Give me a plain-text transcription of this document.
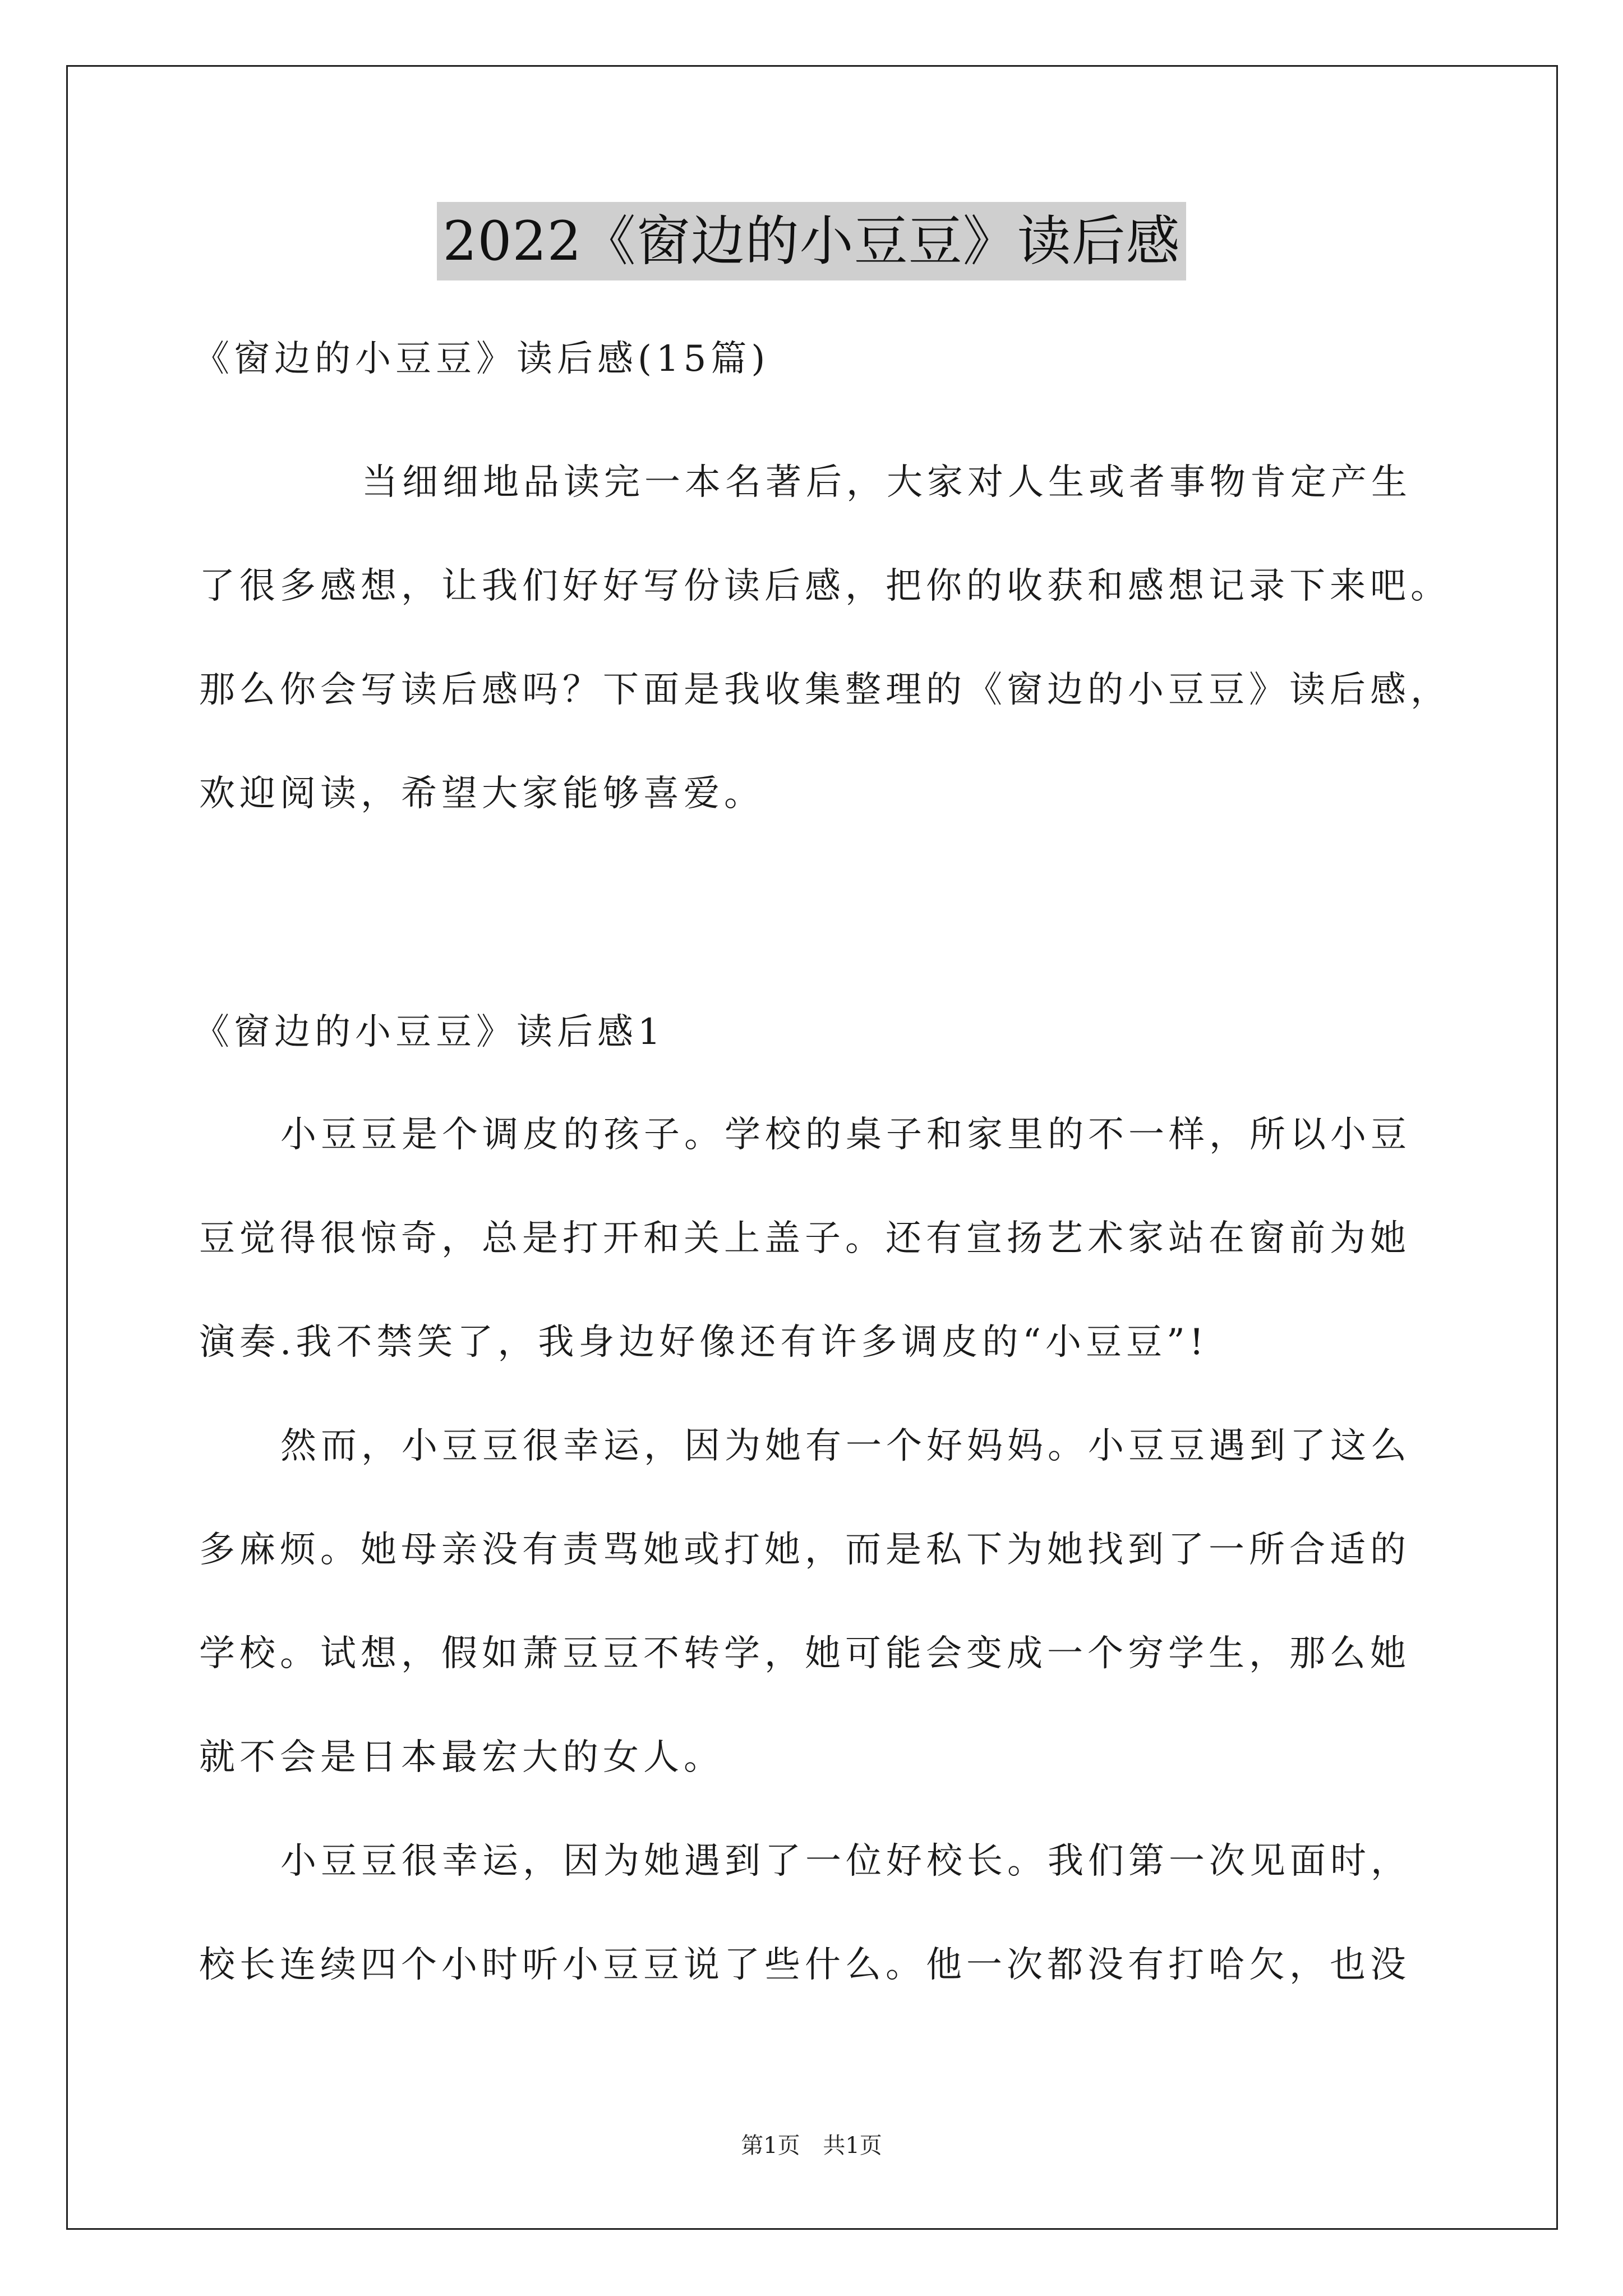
2022《窗边的小豆豆》读后感
《窗边的小豆豆》读后感(15篇)
当细细地品读完一本名著后，大家对人生或者事物肯定产生
了很多感想，让我们好好写份读后感，把你的收获和感想记录下来吧。
那么你会写读后感吗？下面是我收集整理的《窗边的小豆豆》读后感，
欢迎阅读，希望大家能够喜爱。
《窗边的小豆豆》读后感1
小豆豆是个调皮的孩子。学校的桌子和家里的不一样，所以小豆
豆觉得很惊奇，总是打开和关上盖子。还有宣扬艺术家站在窗前为她
演奏.我不禁笑了，我身边好像还有许多调皮的“小豆豆”!
然而，小豆豆很幸运，因为她有一个好妈妈。小豆豆遇到了这么
多麻烦。她母亲没有责骂她或打她，而是私下为她找到了一所合适的
学校。试想，假如萧豆豆不转学，她可能会变成一个穷学生，那么她
就不会是日本最宏大的女人。
小豆豆很幸运，因为她遇到了一位好校长。我们第一次见面时，
校长连续四个小时听小豆豆说了些什么。他一次都没有打哈欠，也没
第1页 共1页
